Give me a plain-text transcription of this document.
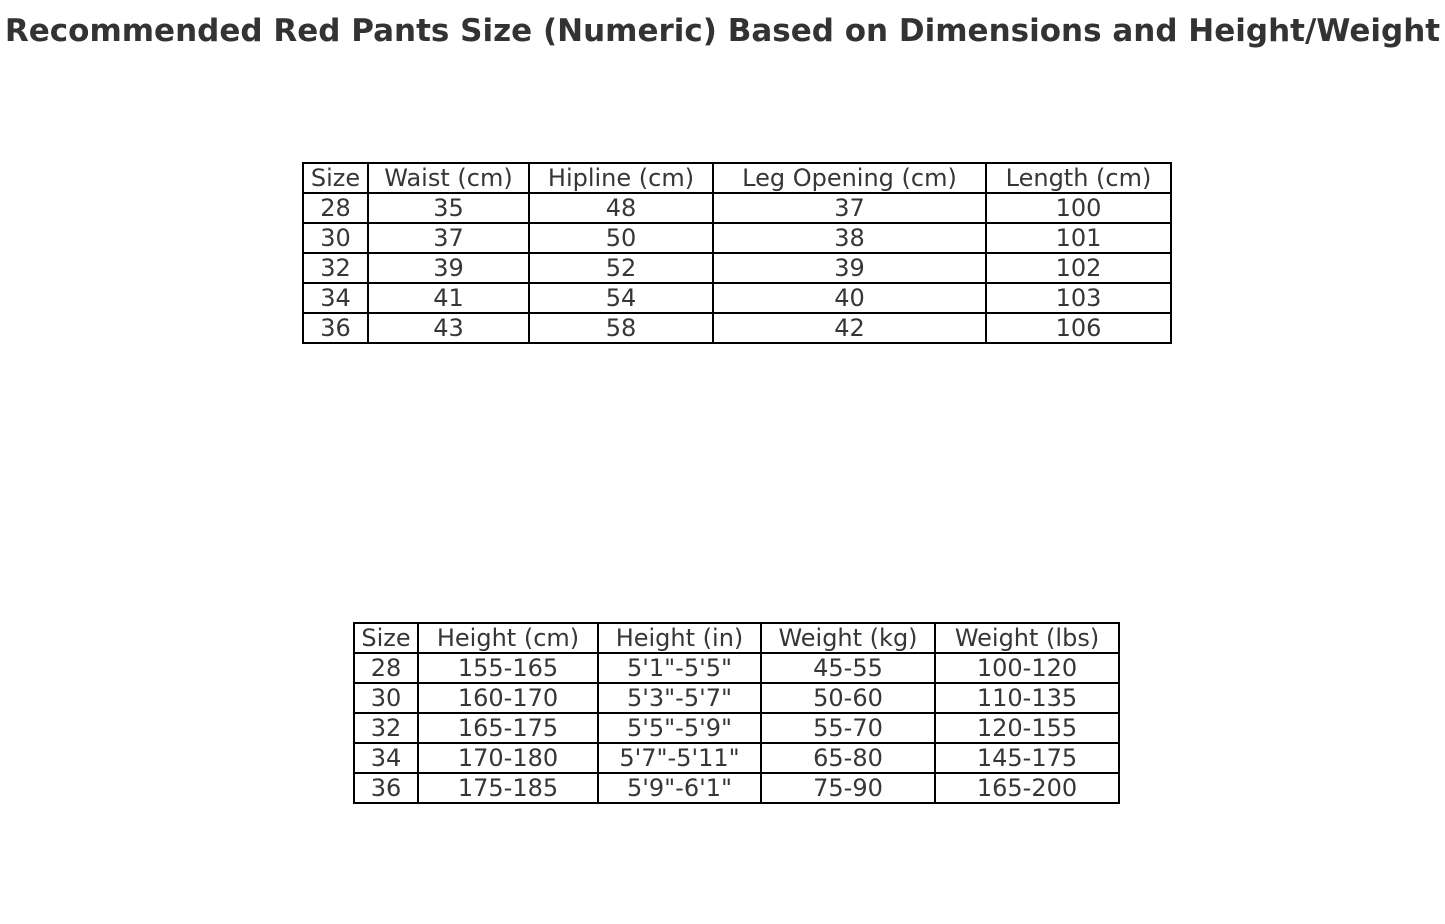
Recommended Red Pants Size (Numeric) Based on Dimensions and Height/Weight
Size	Waist (cm)	Hipline (cm)	Leg Opening (cm)	Length (cm)
28	35	48	37	100
30	37	50	38	101
32	39	52	39	102
34	41	54	40	103
36	43	58	42	106
Size	Height (cm)	Height (in)	Weight (kg)	Weight (lbs)
28	155-165	5'1"-5'5"	45-55	100-120
30	160-170	5'3"-5'7"	50-60	110-135
32	165-175	5'5"-5'9"	55-70	120-155
34	170-180	5'7"-5'11"	65-80	145-175
36	175-185	5'9"-6'1"	75-90	165-200
